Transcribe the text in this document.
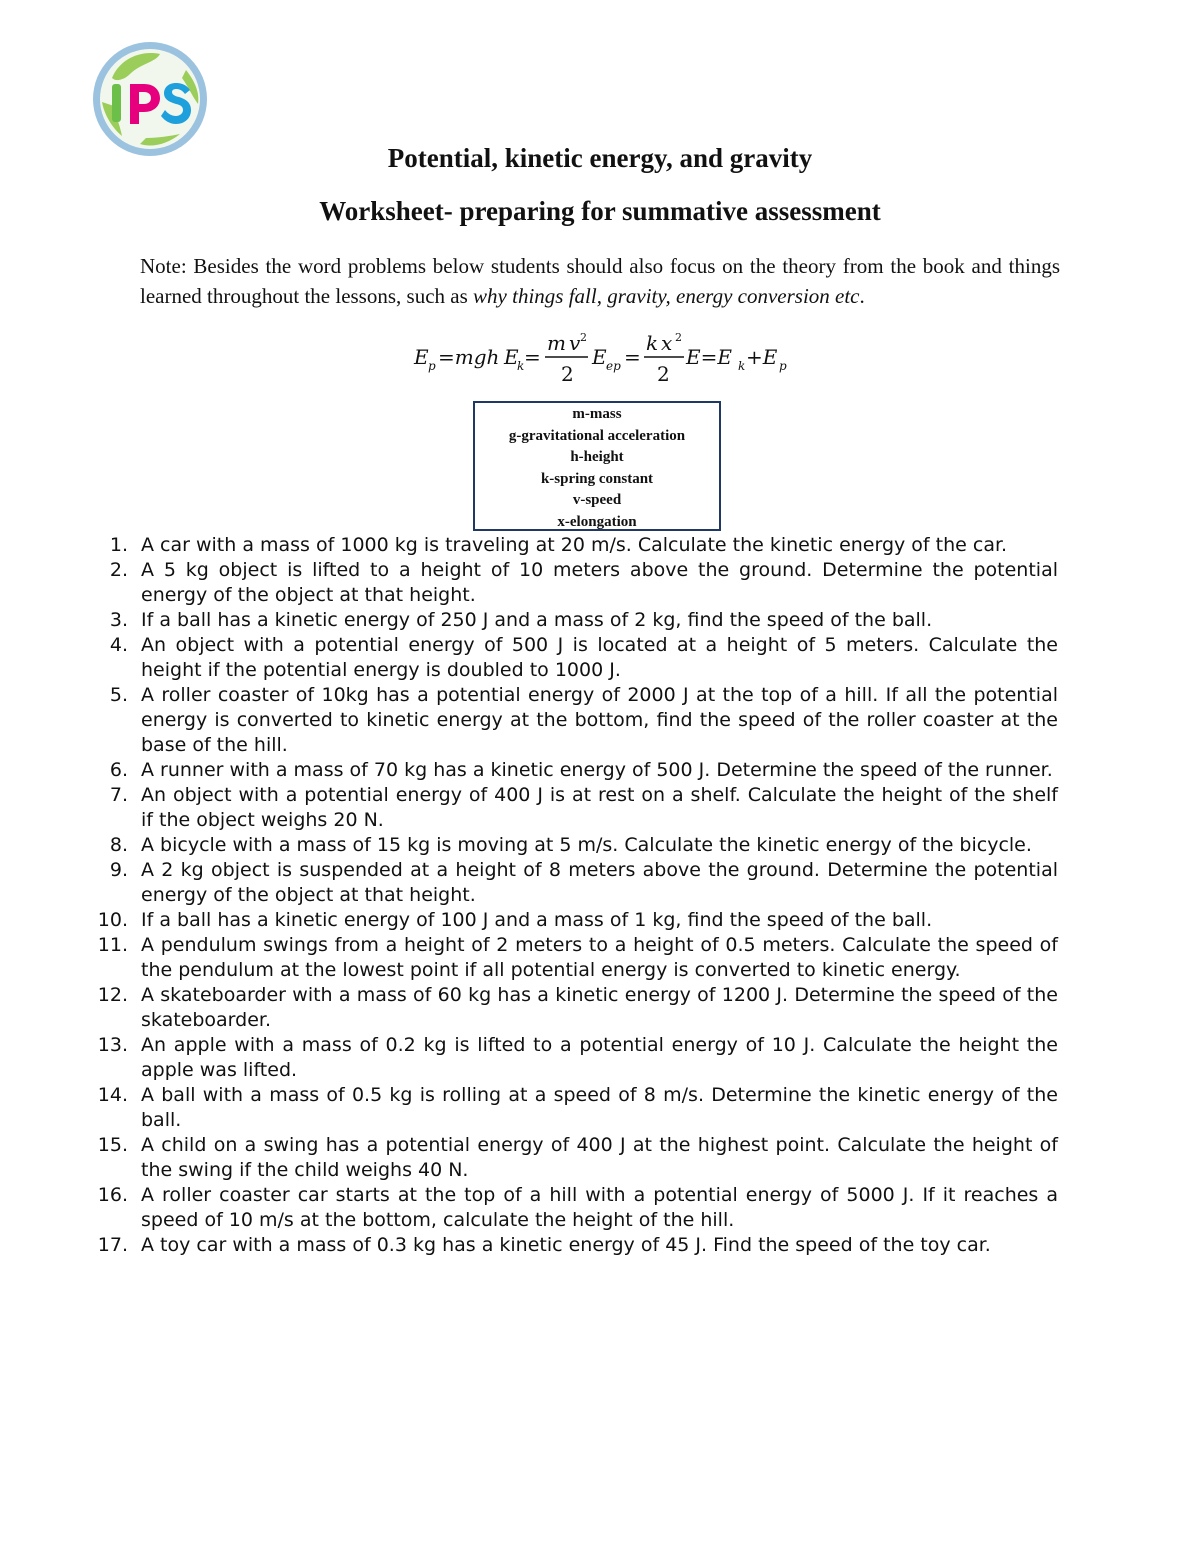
Potential, kinetic energy, and gravity
Worksheet- preparing for summative assessment

Note: Besides the word problems below students should also focus on the theory from the book and things learned throughout the lessons, such as why things fall, gravity, energy conversion etc.

E p =mgh E
k =
m v 2
2
E ep =
k x 2
2
E=E k +E p
m-mass
g-gravitational acceleration
h-height
k-spring constant
v-speed
x-elongation
1. A car with a mass of 1000 kg is traveling at 20 m/s. Calculate the kinetic energy of the car.
2. A 5 kg object is lifted to a height of 10 meters above the ground. Determine the potential energy of the object at that height.
3. If a ball has a kinetic energy of 250 J and a mass of 2 kg, find the speed of the ball.
4. An object with a potential energy of 500 J is located at a height of 5 meters. Calculate the height if the potential energy is doubled to 1000 J.
5. A roller coaster of 10kg has a potential energy of 2000 J at the top of a hill. If all the potential energy is converted to kinetic energy at the bottom, find the speed of the roller coaster at the base of the hill.
6. A runner with a mass of 70 kg has a kinetic energy of 500 J. Determine the speed of the runner.
7. An object with a potential energy of 400 J is at rest on a shelf. Calculate the height of the shelf if the object weighs 20 N.
8. A bicycle with a mass of 15 kg is moving at 5 m/s. Calculate the kinetic energy of the bicycle.
9. A 2 kg object is suspended at a height of 8 meters above the ground. Determine the potential energy of the object at that height.
10. If a ball has a kinetic energy of 100 J and a mass of 1 kg, find the speed of the ball.
11. A pendulum swings from a height of 2 meters to a height of 0.5 meters. Calculate the speed of the pendulum at the lowest point if all potential energy is converted to kinetic energy.
12. A skateboarder with a mass of 60 kg has a kinetic energy of 1200 J. Determine the speed of the skateboarder.
13. An apple with a mass of 0.2 kg is lifted to a potential energy of 10 J. Calculate the height the apple was lifted.
14. A ball with a mass of 0.5 kg is rolling at a speed of 8 m/s. Determine the kinetic energy of the ball.
15. A child on a swing has a potential energy of 400 J at the highest point. Calculate the height of the swing if the child weighs 40 N.
16. A roller coaster car starts at the top of a hill with a potential energy of 5000 J. If it reaches a speed of 10 m/s at the bottom, calculate the height of the hill.
17. A toy car with a mass of 0.3 kg has a kinetic energy of 45 J. Find the speed of the toy car.
